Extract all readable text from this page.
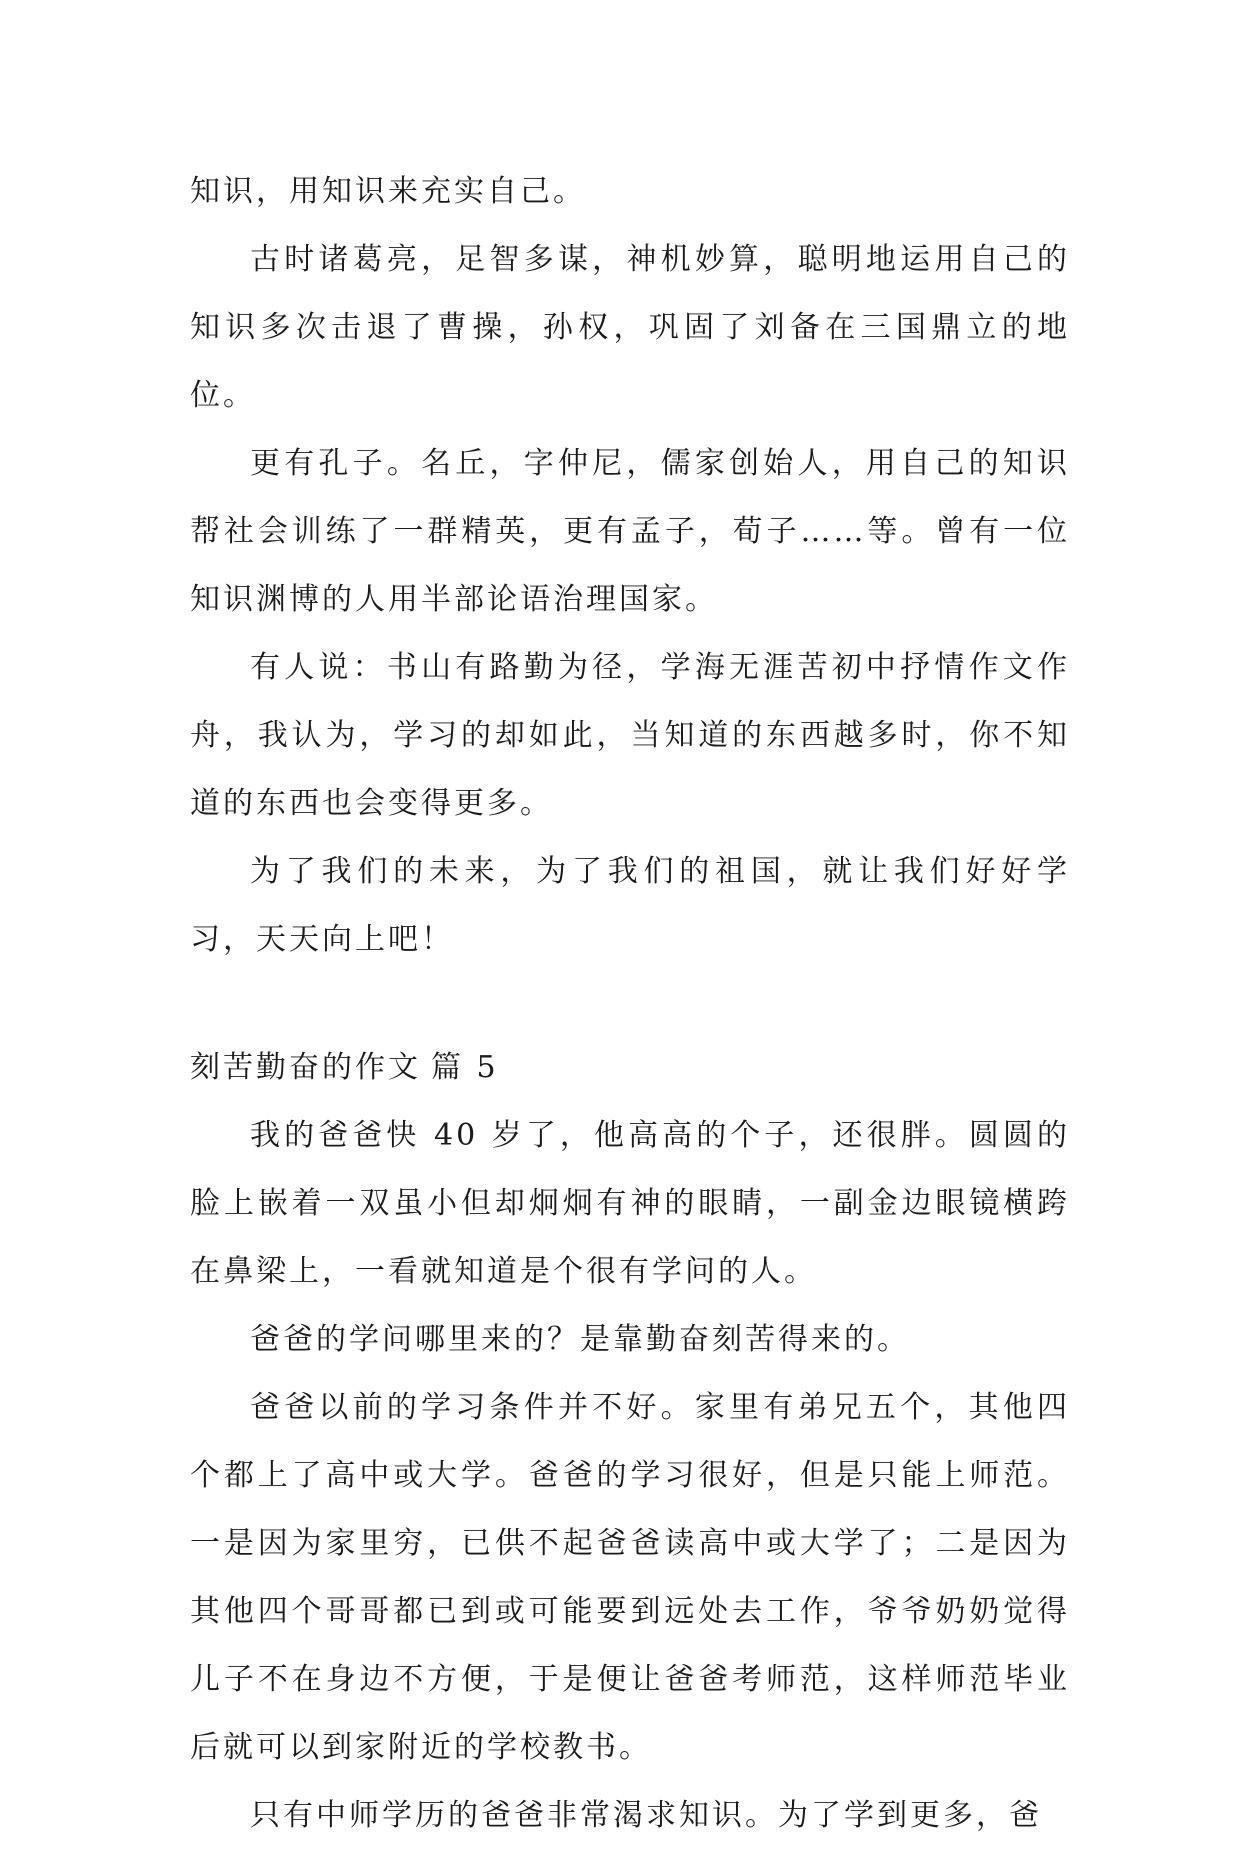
知识，用知识来充实自己。

古时诸葛亮，足智多谋，神机妙算，聪明地运用自己的知识多次击退了曹操，孙权，巩固了刘备在三国鼎立的地位。

更有孔子。名丘，字仲尼，儒家创始人，用自己的知识帮社会训练了一群精英，更有孟子，荀子……等。曾有一位知识渊博的人用半部论语治理国家。

有人说：书山有路勤为径，学海无涯苦初中抒情作文作舟，我认为，学习的却如此，当知道的东西越多时，你不知道的东西也会变得更多。

为了我们的未来，为了我们的祖国，就让我们好好学习，天天向上吧！

刻苦勤奋的作文 篇 5

我的爸爸快 40 岁了，他高高的个子，还很胖。圆圆的脸上嵌着一双虽小但却炯炯有神的眼睛，一副金边眼镜横跨在鼻梁上，一看就知道是个很有学问的人。

爸爸的学问哪里来的？是靠勤奋刻苦得来的。

爸爸以前的学习条件并不好。家里有弟兄五个，其他四个都上了高中或大学。爸爸的学习很好，但是只能上师范。一是因为家里穷，已供不起爸爸读高中或大学了；二是因为其他四个哥哥都已到或可能要到远处去工作，爷爷奶奶觉得儿子不在身边不方便，于是便让爸爸考师范，这样师范毕业后就可以到家附近的学校教书。

只有中师学历的爸爸非常渴求知识。为了学到更多，爸
